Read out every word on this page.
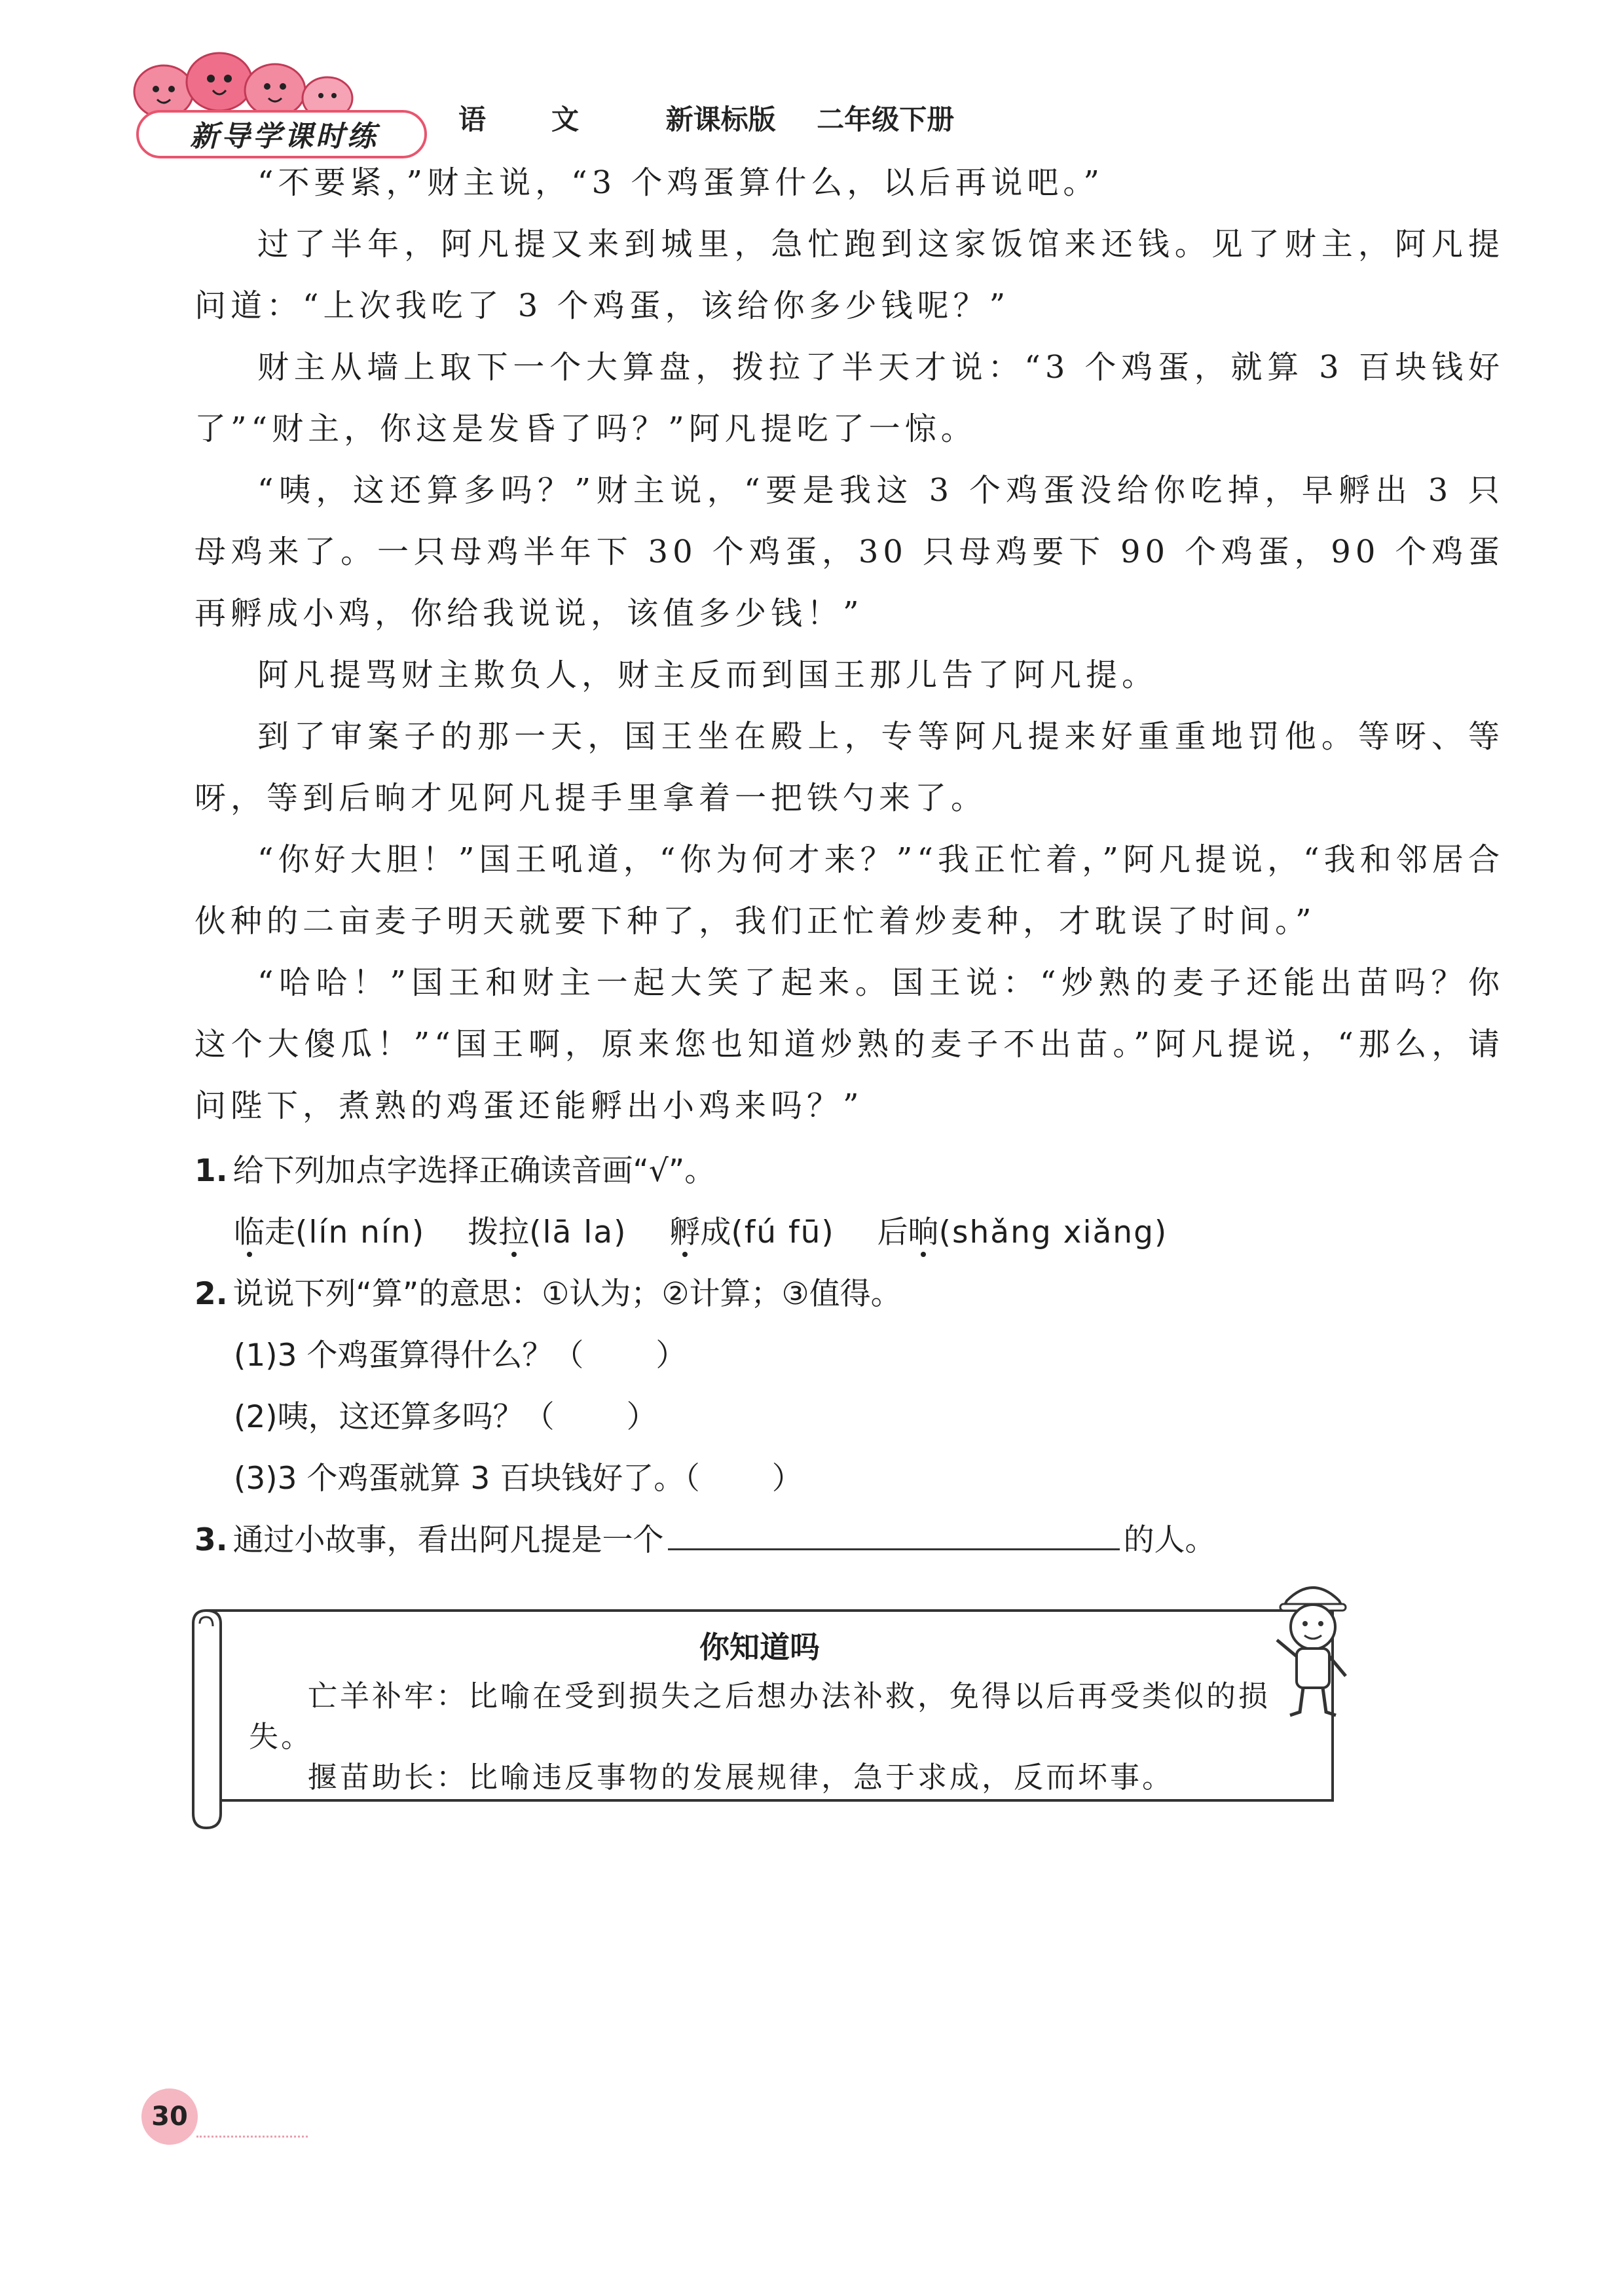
新导学课时练
语文 新课标版 二年级下册

“不要紧，”财主说，“3 个鸡蛋算什么，以后再说吧。”

过了半年，阿凡提又来到城里，急忙跑到这家饭馆来还钱。见了财主，阿凡提问道：“上次我吃了 3 个鸡蛋，该给你多少钱呢？”

财主从墙上取下一个大算盘，拨拉了半天才说：“3 个鸡蛋，就算 3 百块钱好了”“财主，你这是发昏了吗？”阿凡提吃了一惊。

“咦，这还算多吗？”财主说，“要是我这 3 个鸡蛋没给你吃掉，早孵出 3 只母鸡来了。一只母鸡半年下 30 个鸡蛋，30 只母鸡要下 90 个鸡蛋，90 个鸡蛋再孵成小鸡，你给我说说，该值多少钱！”

阿凡提骂财主欺负人，财主反而到国王那儿告了阿凡提。

到了审案子的那一天，国王坐在殿上，专等阿凡提来好重重地罚他。等呀、等呀，等到后晌才见阿凡提手里拿着一把铁勺来了。

“你好大胆！”国王吼道，“你为何才来？”“我正忙着，”阿凡提说，“我和邻居合伙种的二亩麦子明天就要下种了，我们正忙着炒麦种，才耽误了时间。”

“哈哈！”国王和财主一起大笑了起来。国王说：“炒熟的麦子还能出苗吗？你这个大傻瓜！”“国王啊，原来您也知道炒熟的麦子不出苗。”阿凡提说，“那么，请问陛下，煮熟的鸡蛋还能孵出小鸡来吗？”

1. 给下列加点字选择正确读音画“√”。

临走(lín nín) 拨拉(lā la) 孵成(fú fū) 后晌(shǎng xiǎng)

2. 说说下列“算”的意思：①认为；②计算；③值得。

(1)3 个鸡蛋算得什么？（ ）

(2)咦，这还算多吗？（ ）

(3)3 个鸡蛋就算 3 百块钱好了。（ ）

3. 通过小故事，看出阿凡提是一个	的人。

你知道吗

亡羊补牢：比喻在受到损失之后想办法补救，免得以后再受类似的损失。

揠苗助长：比喻违反事物的发展规律，急于求成，反而坏事。

30
